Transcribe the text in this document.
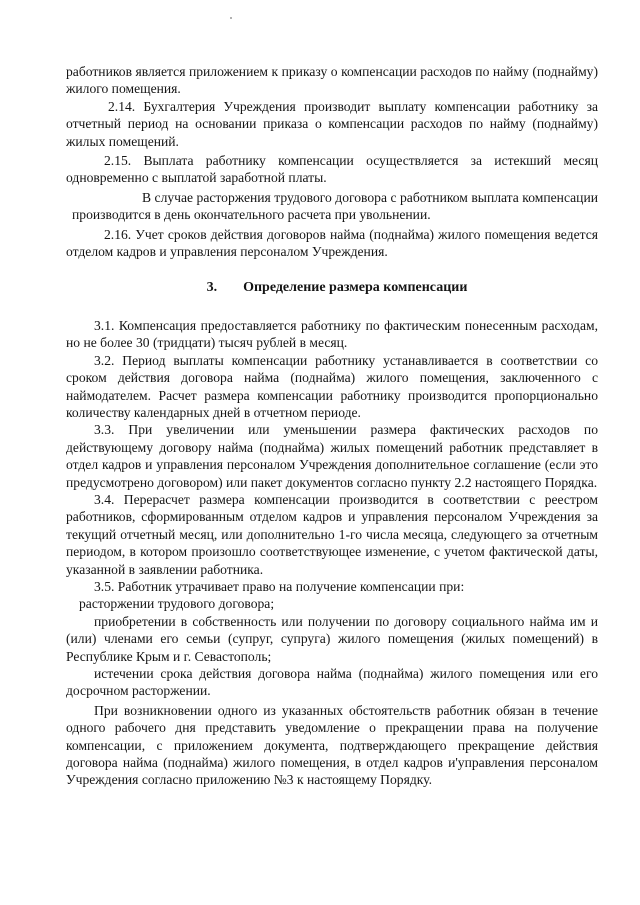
работников является приложением к приказу о компенсации расходов по найму (поднайму) жилого помещения.

2.14. Бухгалтерия Учреждения производит выплату компенсации работнику за отчетный период на основании приказа о компенсации расходов по найму (поднайму) жилых помещений.

2.15. Выплата работнику компенсации осуществляется за истекший месяц одновременно с выплатой заработной платы.

В случае расторжения трудового договора с работником выплата компенсации производится в день окончательного расчета при увольнении.

2.16. Учет сроков действия договоров найма (поднайма) жилого помещения ведется отделом кадров и управления персоналом Учреждения.

3. Определение размера компенсации

3.1. Компенсация предоставляется работнику по фактическим понесенным расходам, но не более 30 (тридцати) тысяч рублей в месяц.

3.2. Период выплаты компенсации работнику устанавливается в соответствии со сроком действия договора найма (поднайма) жилого помещения, заключенного с наймодателем. Расчет размера компенсации работнику производится пропорционально количеству календарных дней в отчетном периоде.

3.3. При увеличении или уменьшении размера фактических расходов по действующему договору найма (поднайма) жилых помещений работник представляет в отдел кадров и управления персоналом Учреждения дополнительное соглашение (если это предусмотрено договором) или пакет документов согласно пункту 2.2 настоящего Порядка.

3.4. Перерасчет размера компенсации производится в соответствии с реестром работников, сформированным отделом кадров и управления персоналом Учреждения за текущий отчетный месяц, или дополнительно 1-го числа месяца, следующего за отчетным периодом, в котором произошло соответствующее изменение, с учетом фактической даты, указанной в заявлении работника.

3.5. Работник утрачивает право на получение компенсации при:

расторжении трудового договора;

приобретении в собственность или получении по договору социального найма им и (или) членами его семьи (супруг, супруга) жилого помещения (жилых помещений) в Республике Крым и г. Севастополь;

истечении срока действия договора найма (поднайма) жилого помещения или его досрочном расторжении.

При возникновении одного из указанных обстоятельств работник обязан в течение одного рабочего дня представить уведомление о прекращении права на получение компенсации, с приложением документа, подтверждающего прекращение действия договора найма (поднайма) жилого помещения, в отдел кадров и'управления персоналом Учреждения согласно приложению №3 к настоящему Порядку.
